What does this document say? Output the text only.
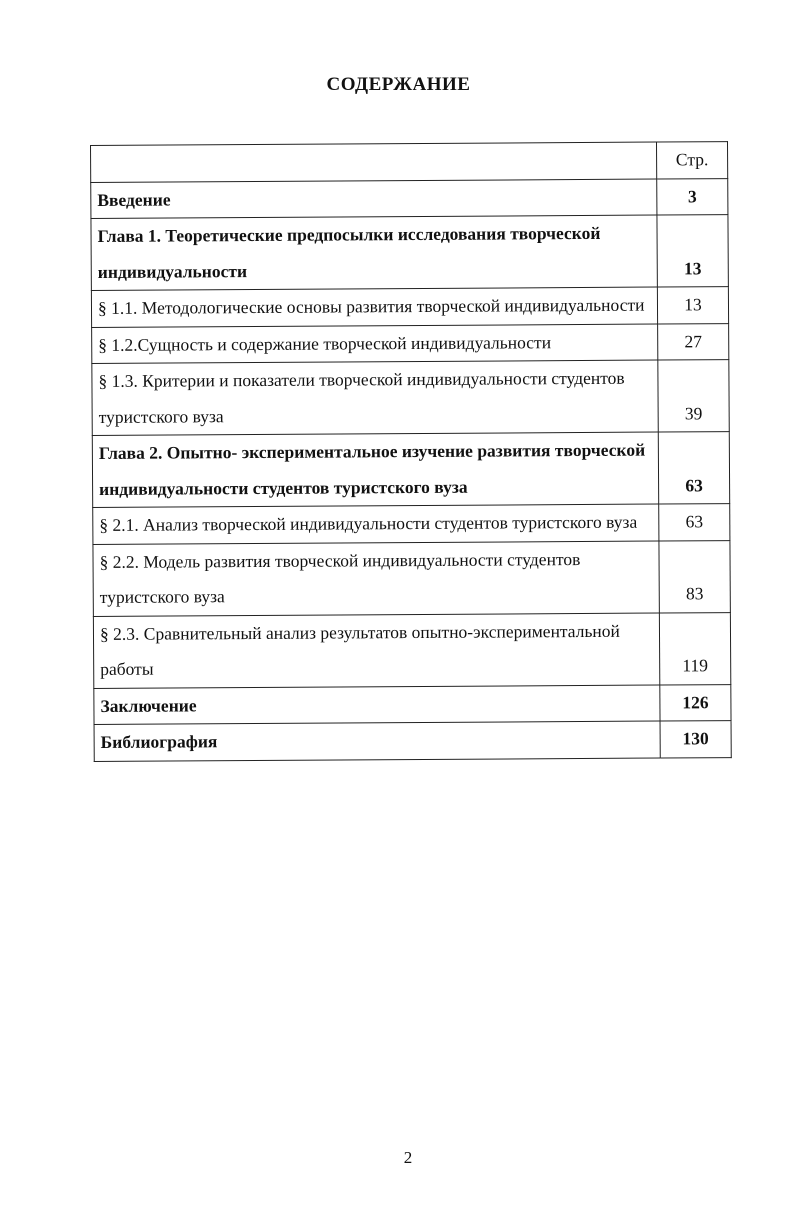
СОДЕРЖАНИЕ
	Стр.
Введение	3
Глава 1. Теоретические предпосылки исследования творческой индивидуальности	13
§ 1.1. Методологические основы развития творческой индивидуальности	13
§ 1.2.Сущность и содержание творческой индивидуальности	27
§ 1.3. Критерии и показатели творческой индивидуальности студентов туристского вуза	39
Глава 2. Опытно- экспериментальное изучение развития творческой индивидуальности студентов туристского вуза	63
§ 2.1. Анализ творческой индивидуальности студентов туристского вуза	63
§ 2.2. Модель развития творческой индивидуальности студентов туристского вуза	83
§ 2.3. Сравнительный анализ результатов опытно-экспериментальной работы	119
Заключение	126
Библиография	130
2
